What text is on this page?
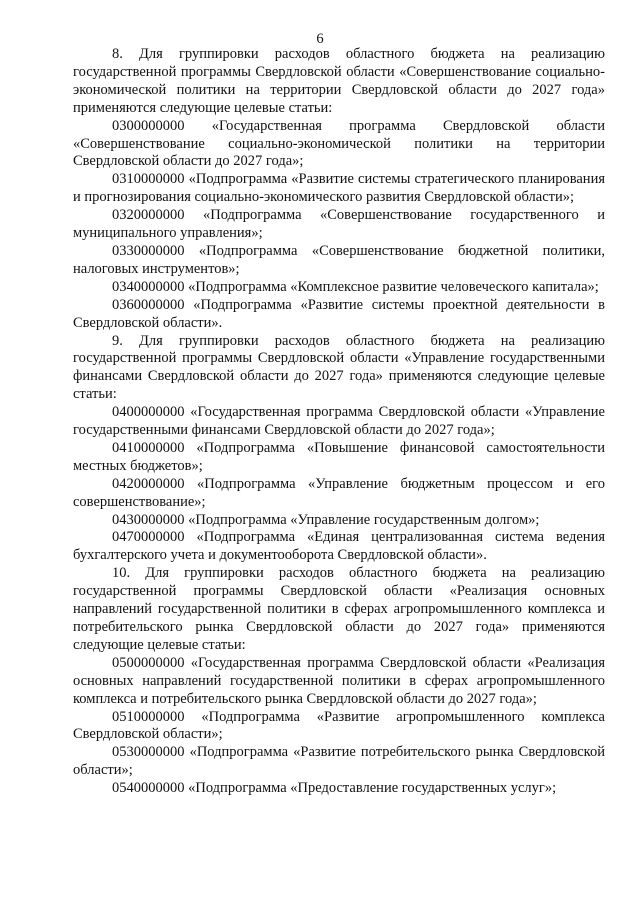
6

8. Для группировки расходов областного бюджета на реализацию государственной программы Свердловской области «Совершенствование социально-экономической политики на территории Свердловской области до 2027 года» применяются следующие целевые статьи:

0300000000 «Государственная программа Свердловской области «Совершенствование социально-экономической политики на территории Свердловской области до 2027 года»;

0310000000 «Подпрограмма «Развитие системы стратегического планирования и прогнозирования социально-экономического развития Свердловской области»;

0320000000 «Подпрограмма «Совершенствование государственного и муниципального управления»;

0330000000 «Подпрограмма «Совершенствование бюджетной политики, налоговых инструментов»;

0340000000 «Подпрограмма «Комплексное развитие человеческого капитала»;

0360000000 «Подпрограмма «Развитие системы проектной деятельности в Свердловской области».

9. Для группировки расходов областного бюджета на реализацию государственной программы Свердловской области «Управление государственными финансами Свердловской области до 2027 года» применяются следующие целевые статьи:

0400000000 «Государственная программа Свердловской области «Управление государственными финансами Свердловской области до 2027 года»;

0410000000 «Подпрограмма «Повышение финансовой самостоятельности местных бюджетов»;

0420000000 «Подпрограмма «Управление бюджетным процессом и его совершенствование»;

0430000000 «Подпрограмма «Управление государственным долгом»;

0470000000 «Подпрограмма «Единая централизованная система ведения бухгалтерского учета и документооборота Свердловской области».

10. Для группировки расходов областного бюджета на реализацию государственной программы Свердловской области «Реализация основных направлений государственной политики в сферах агропромышленного комплекса и потребительского рынка Свердловской области до 2027 года» применяются следующие целевые статьи:

0500000000 «Государственная программа Свердловской области «Реализация основных направлений государственной политики в сферах агропромышленного комплекса и потребительского рынка Свердловской области до 2027 года»;

0510000000 «Подпрограмма «Развитие агропромышленного комплекса Свердловской области»;

0530000000 «Подпрограмма «Развитие потребительского рынка Свердловской области»;

0540000000 «Подпрограмма «Предоставление государственных услуг»;
